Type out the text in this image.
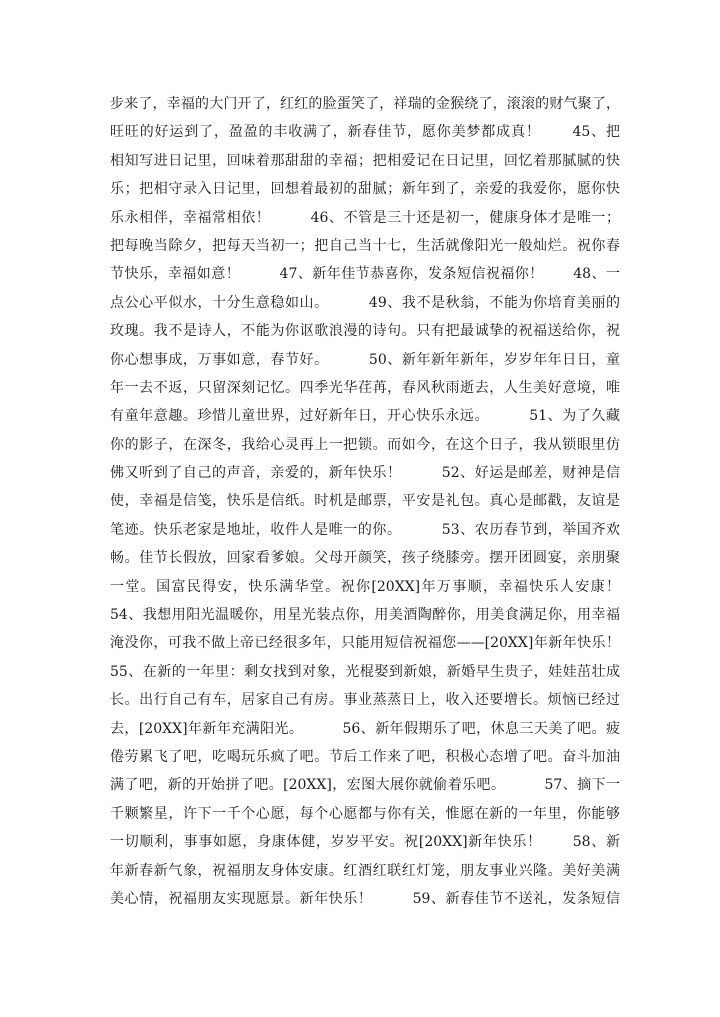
步来了，幸福的大门开了，红红的脸蛋笑了，祥瑞的金猴绕了，滚滚的财气聚了，
旺旺的好运到了，盈盈的丰收满了，新春佳节，愿你美梦都成真！      45、把
相知写进日记里，回味着那甜甜的幸福；把相爱记在日记里，回忆着那腻腻的快
乐；把相守录入日记里，回想着最初的甜腻；新年到了，亲爱的我爱你，愿你快
乐永相伴，幸福常相依！        46、不管是三十还是初一，健康身体才是唯一；
把每晚当除夕，把每天当初一；把自己当十七，生活就像阳光一般灿烂。祝你春
节快乐，幸福如意！        47、新年佳节恭喜你，发条短信祝福你！      48、一
点公心平似水，十分生意稳如山。        49、我不是秋翁，不能为你培育美丽的
玫瑰。我不是诗人，不能为你讴歌浪漫的诗句。只有把最诚挚的祝福送给你，祝
你心想事成，万事如意，春节好。        50、新年新年新年，岁岁年年日日，童
年一去不返，只留深刻记忆。四季光华荏苒，春风秋雨逝去，人生美好意境，唯
有童年意趣。珍惜儿童世界，过好新年日，开心快乐永远。        51、为了久藏
你的影子，在深冬，我给心灵再上一把锁。而如今，在这个日子，我从锁眼里仿
佛又听到了自己的声音，亲爱的，新年快乐！        52、好运是邮差，财神是信
使，幸福是信笺，快乐是信纸。时机是邮票，平安是礼包。真心是邮戳，友谊是
笔迹。快乐老家是地址，收件人是唯一的你。        53、农历春节到，举国齐欢
畅。佳节长假放，回家看爹娘。父母开颜笑，孩子绕膝旁。摆开团圆宴，亲朋聚
一堂。国富民得安，快乐满华堂。祝你[20XX]年万事顺，幸福快乐人安康！
54、我想用阳光温暖你，用星光装点你，用美酒陶醉你，用美食满足你，用幸福
淹没你，可我不做上帝已经很多年，只能用短信祝福您——[20XX]年新年快乐！
55、在新的一年里：剩女找到对象，光棍娶到新娘，新婚早生贵子，娃娃茁壮成
长。出行自己有车，居家自己有房。事业蒸蒸日上，收入还要增长。烦恼已经过
去，[20XX]年新年充满阳光。        56、新年假期乐了吧，休息三天美了吧。疲
倦劳累飞了吧，吃喝玩乐疯了吧。节后工作来了吧，积极心态增了吧。奋斗加油
满了吧，新的开始拼了吧。[20XX]，宏图大展你就偷着乐吧。        57、摘下一
千颗繁星，许下一千个心愿，每个心愿都与你有关，惟愿在新的一年里，你能够
一切顺利，事事如愿，身康体健，岁岁平安。祝[20XX]新年快乐！      58、新
年新春新气象，祝福朋友身体安康。红酒红联红灯笼，朋友事业兴隆。美好美满
美心情，祝福朋友实现愿景。新年快乐！        59、新春佳节不送礼，发条短信
